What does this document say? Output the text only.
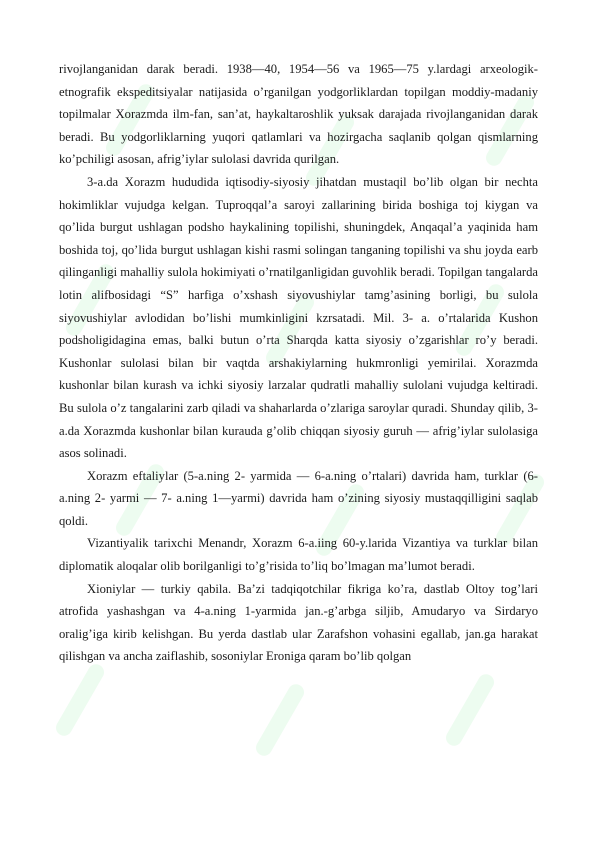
rivojlanganidan darak beradi. 1938—40, 1954—56 va 1965—75 y.lardagi arxeologik-etnografik ekspeditsiyalar natijasida o’rganilgan yodgorliklardan topilgan moddiy-madaniy topilmalar Xorazmda ilm-fan, san’at, haykaltaroshlik yuksak darajada rivojlanganidan darak beradi. Bu yodgorliklarning yuqori qatlamlari va hozirgacha saqlanib qolgan qismlarning ko’pchiligi asosan, afrig’iylar sulolasi davrida qurilgan.

3-a.da Xorazm hududida iqtisodiy-siyosiy jihatdan mustaqil bo’lib olgan bir nechta hokimliklar vujudga kelgan. Tuproqqal’a saroyi zallarining birida boshiga toj kiygan va qo’lida burgut ushlagan podsho haykalining topilishi, shuningdek, Anqaqal’a yaqinida ham boshida toj, qo’lida burgut ushlagan kishi rasmi solingan tanganing topilishi va shu joyda earb qilinganligi mahalliy sulola hokimiyati o’rnatilganligidan guvohlik beradi. Topilgan tangalarda lotin alifbosidagi “S” harfiga o’xshash siyovushiylar tamg’asining borligi, bu sulola siyovushiylar avlodidan bo’lishi mumkinligini kzrsatadi. Mil. 3- a. o’rtalarida Kushon podsholigidagina emas, balki butun o’rta Sharqda katta siyosiy o’zgarishlar ro’y beradi. Kushonlar sulolasi bilan bir vaqtda arshakiylarning hukmronligi yemirilai. Xorazmda kushonlar bilan kurash va ichki siyosiy larzalar qudratli mahalliy sulolani vujudga keltiradi. Bu sulola o’z tangalarini zarb qiladi va shaharlarda o’zlariga saroylar quradi. Shunday qilib, 3-a.da Xorazmda kushonlar bilan kurauda g’olib chiqqan siyosiy guruh — afrig’iylar sulolasiga asos solinadi.

Xorazm eftaliylar (5-a.ning 2- yarmida — 6-a.ning o’rtalari) davrida ham, turklar (6-a.ning 2- yarmi — 7- a.ning 1—yarmi) davrida ham o’zining siyosiy mustaqqilligini saqlab qoldi.

Vizantiyalik tarixchi Menandr, Xorazm 6-a.iing 60-y.larida Vizantiya va turklar bilan diplomatik aloqalar olib borilganligi to’g’risida to’liq bo’lmagan ma’lumot beradi.

Xioniylar — turkiy qabila. Ba’zi tadqiqotchilar fikriga ko’ra, dastlab Oltoy tog’lari atrofida yashashgan va 4-a.ning 1-yarmida jan.-g’arbga siljib, Amudaryo va Sirdaryo oralig’iga kirib kelishgan. Bu yerda dastlab ular Zarafshon vohasini egallab, jan.ga harakat qilishgan va ancha zaiflashib, sosoniylar Eroniga qaram bo’lib qolgan
